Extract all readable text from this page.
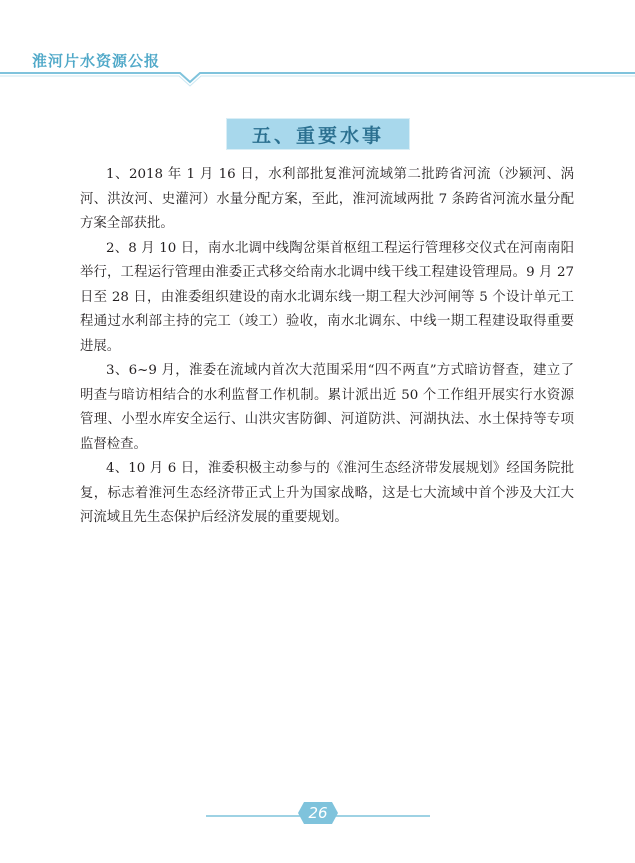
淮河片水资源公报
五、重要水事

1、2018 年 1 月 16 日，水利部批复淮河流域第二批跨省河流（沙颍河、涡河、洪汝河、史灌河）水量分配方案，至此，淮河流域两批 7 条跨省河流水量分配方案全部获批。

2、8 月 10 日，南水北调中线陶岔渠首枢纽工程运行管理移交仪式在河南南阳举行，工程运行管理由淮委正式移交给南水北调中线干线工程建设管理局。9 月 27 日至 28 日，由淮委组织建设的南水北调东线一期工程大沙河闸等 5 个设计单元工程通过水利部主持的完工（竣工）验收，南水北调东、中线一期工程建设取得重要进展。

3、6~9 月，淮委在流域内首次大范围采用“四不两直”方式暗访督查，建立了明查与暗访相结合的水利监督工作机制。累计派出近 50 个工作组开展实行水资源管理、小型水库安全运行、山洪灾害防御、河道防洪、河湖执法、水土保持等专项监督检查。

4、10 月 6 日，淮委积极主动参与的《淮河生态经济带发展规划》经国务院批复，标志着淮河生态经济带正式上升为国家战略，这是七大流域中首个涉及大江大河流域且先生态保护后经济发展的重要规划。

26
